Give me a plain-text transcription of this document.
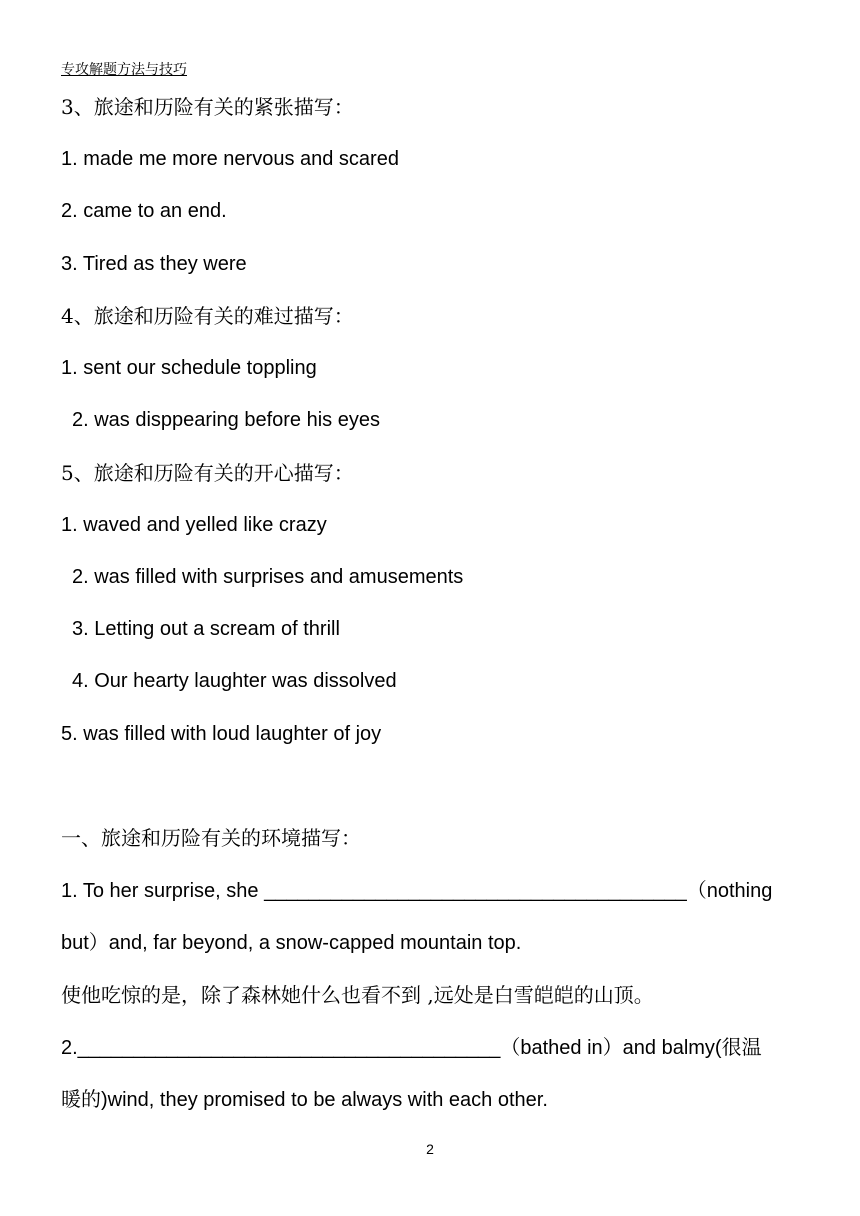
专攻解题方法与技巧
3、旅途和历险有关的紧张描写：
1. made me more nervous and scared
2. came to an end.
3. Tired as they were
4、旅途和历险有关的难过描写：
1. sent our schedule toppling
2. was disppearing before his eyes
5、旅途和历险有关的开心描写：
1. waved and yelled like crazy
2. was filled with surprises and amusements
3. Letting out a scream of thrill
4. Our hearty laughter was dissolved
5. was filled with loud laughter of joy
一、旅途和历险有关的环境描写：
1. To her surprise, she ______________________________________（nothing
but）and, far beyond, a snow-capped mountain top.
使他吃惊的是，除了森林她什么也看不到 ,远处是白雪皑皑的山顶。
2.______________________________________（bathed in）and balmy(很温
暖的)wind, they promised to be always with each other.
2
